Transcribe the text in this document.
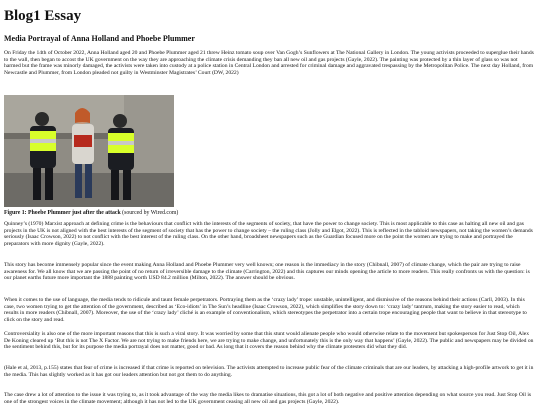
Blog1 Essay
Media Portrayal of Anna Holland and Phoebe Plummer

On Friday the 14th of October 2022, Anna Holland aged 20 and Phoebe Plummer aged 21 threw Heinz tomato soup over Van Gogh’s Sunflowers at The National Gallery in London. The young activists proceeded to superglue their hands to the wall, then began to accost the UK government on the way they are approaching the climate crisis demanding they ban all new oil and gas projects (Gayle, 2022). The painting was protected by a thin layer of glass so was not harmed but the frame was minorly damaged, the activists were taken into custody at a police station in Central London and arrested for criminal damage and aggravated trespassing by the Metropolitan Police. The next day Holland, from Newcastle and Plummer, from London pleaded not guilty in Westminster Magistrates’ Court (DW, 2022)

Figure 1: Phoebe Plummer just after the attack (sourced by Wired.com)

Quinney’s (1970) Marxist approach at defining crime is the behaviours that conflict with the interests of the segments of society, that have the power to change society. This is most applicable to this case as halting all new oil and gas projects in the UK is not aligned with the best interests of the segment of society that has the power to change society – the ruling class (Jolly and Elgot, 2022). This is reflected in the tabloid newspapers, not taking the women’s demands seriously (Isaac Crowson, 2022) to not conflict with the best interest of the ruling class. On the other hand, broadsheet newspapers such as the Guardian focused more on the point the women are trying to make and portrayed the preparators with more dignity (Gayle, 2022).

This story has become immensely popular since the event making Anna Holland and Phoebe Plummer very well known; one reason is the immediacy in the story (Chibnall, 2007) of climate change, which the pair are trying to raise awareness for. We all know that we are passing the point of no return of irreversible damage to the climate (Carrington, 2022) and this captures our minds opening the article to more readers. This really confronts us with the question: is our planet earths future more important the 1888 painting worth USD 84.2 million (Milton, 2022). The answer should be obvious.

When it comes to the use of language, the media tends to ridicule and taunt female perpetrators. Portraying them as the ‘crazy lady’ trope: unstable, unintelligent, and dismissive of the reasons behind their actions (Carll, 2003). In this case, two women trying to get the attention of the government, described as ‘Eco-idiots’ in The Sun’s headline (Isaac Crowson, 2022), which simplifies the story down to: ‘crazy lady’ tantrum, making the story easier to read, which results in more readers (Chibnall, 2007). Moreover, the use of the ‘crazy lady’ cliché is an example of conventionalism, which stereotypes the perpetrator into a certain trope encouraging people that want to believe in that stereotype to click on the story and read.

Controversiality is also one of the more important reasons that this is such a viral story. It was worried by some that this stunt would alienate people who would otherwise relate to the movement but spokesperson for Just Stop Oil, Alex De Koning cleared up ‘But this is not The X Factor. We are not trying to make friends here, we are trying to make change, and unfortunately this is the only way that happens’ (Gayle, 2022). The public and newspapers may be divided on the sentiment behind this, but for its purpose the media portrayal does not matter, good or bad. As long that it covers the reason behind why the climate protesters did what they did.

(Hale et al, 2013, p.155) states that fear of crime is increased if that crime is reported on television. The activists attempted to increase public fear of the climate criminals that are our leaders, by attacking a high-profile artwork to get it in the media. This has slightly worked as it has got our leaders attention but not got them to do anything.

The case drew a lot of attention to the issue it was trying to, as it took advantage of the way the media likes to dramatise situations, this got a lot of both negative and positive attention depending on what source you read. Just Stop Oil is one of the strongest voices in the climate movement; although it has not led to the UK government ceasing all new oil and gas projects (Gayle, 2022).
